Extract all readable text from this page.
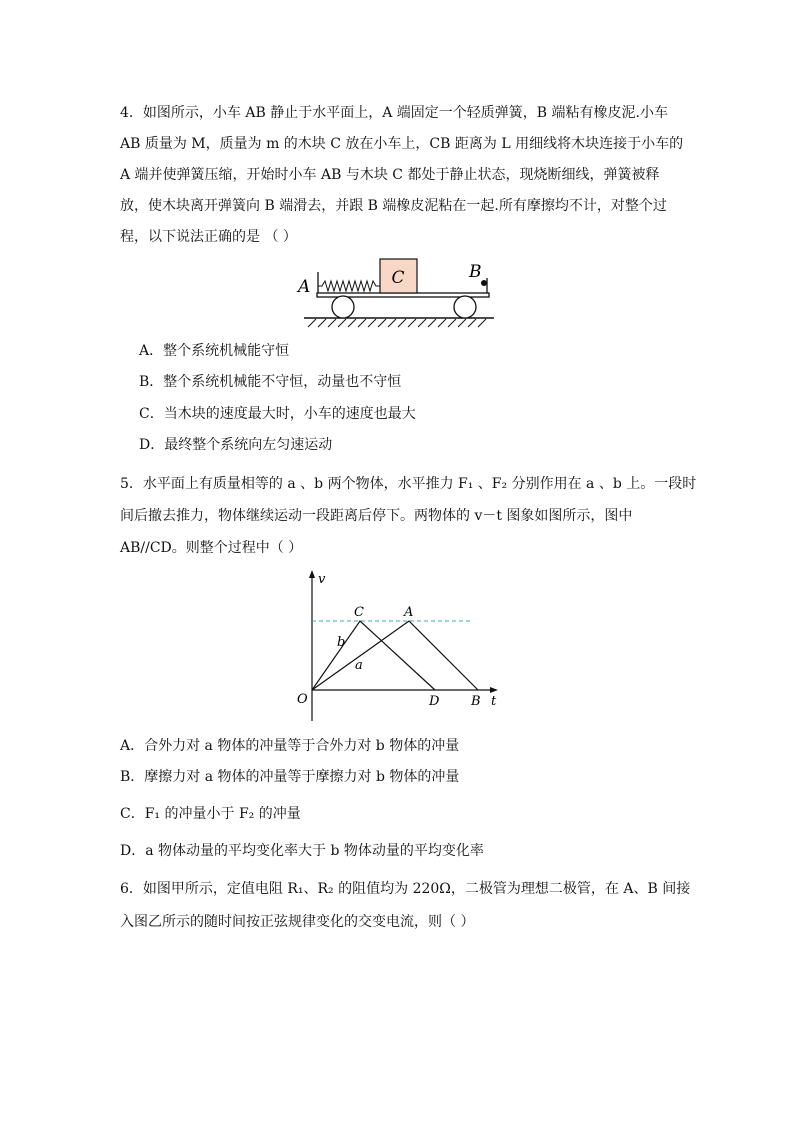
4．如图所示，小车 AB 静止于水平面上，A 端固定一个轻质弹簧，B 端粘有橡皮泥.小车
AB 质量为 M，质量为 m 的木块 C 放在小车上，CB 距离为 L 用细线将木块连接于小车的
A 端并使弹簧压缩，开始时小车 AB 与木块 C 都处于静止状态，现烧断细线，弹簧被释
放，使木块离开弹簧向 B 端滑去，并跟 B 端橡皮泥粘在一起.所有摩擦均不计，对整个过
程，以下说法正确的是 （ ）
C
A
B
A．整个系统机械能守恒
B．整个系统机械能不守恒，动量也不守恒
C．当木块的速度最大时，小车的速度也最大
D．最终整个系统向左匀速运动
5．水平面上有质量相等的 a 、b 两个物体，水平推力 F₁ 、F₂ 分别作用在 a 、b 上。一段时
间后撤去推力，物体继续运动一段距离后停下。两物体的 v－t 图象如图所示，图中
AB//CD。则整个过程中（ ）
v
t
O
C	A
D B
b
a
A．合外力对 a 物体的冲量等于合外力对 b 物体的冲量
B．摩擦力对 a 物体的冲量等于摩擦力对 b 物体的冲量
C．F₁ 的冲量小于 F₂ 的冲量
D．a 物体动量的平均变化率大于 b 物体动量的平均变化率
6．如图甲所示，定值电阻 R₁、R₂ 的阻值均为 220Ω，二极管为理想二极管，在 A、B 间接
入图乙所示的随时间按正弦规律变化的交变电流，则（ ）
